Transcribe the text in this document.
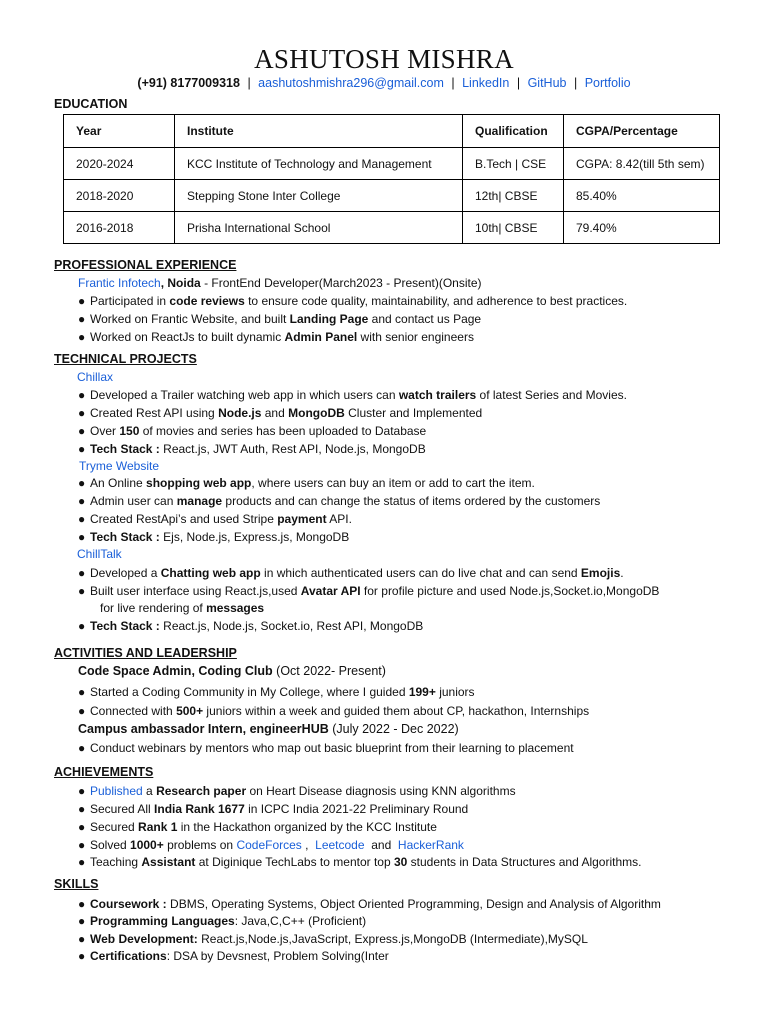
ASHUTOSH MISHRA
(+91) 8177009318 | aashutoshmishra296@gmail.com | LinkedIn | GitHub | Portfolio
EDUCATION
Year	Institute	Qualification	CGPA/Percentage
2020-2024	KCC Institute of Technology and Management	B.Tech | CSE	CGPA: 8.42(till 5th sem)
2018-2020	Stepping Stone Inter College	12th| CBSE	85.40%
2016-2018	Prisha International School	10th| CBSE	79.40%
PROFESSIONAL EXPERIENCE
Frantic Infotech, Noida - FrontEnd Developer(March2023 - Present)(Onsite)
● Participated in code reviews to ensure code quality, maintainability, and adherence to best practices.
● Worked on Frantic Website, and built Landing Page and contact us Page
● Worked on ReactJs to built dynamic Admin Panel with senior engineers
TECHNICAL PROJECTS
Chillax
● Developed a Trailer watching web app in which users can watch trailers of latest Series and Movies.
● Created Rest API using Node.js and MongoDB Cluster and Implemented
● Over 150 of movies and series has been uploaded to Database
● Tech Stack : React.js, JWT Auth, Rest API, Node.js, MongoDB
Tryme Website
● An Online shopping web app, where users can buy an item or add to cart the item.
● Admin user can manage products and can change the status of items ordered by the customers
● Created RestApi’s and used Stripe payment API.
● Tech Stack : Ejs, Node.js, Express.js, MongoDB
ChillTalk
● Developed a Chatting web app in which authenticated users can do live chat and can send Emojis.
● Built user interface using React.js,used Avatar API for profile picture and used Node.js,Socket.io,MongoDB
for live rendering of messages
● Tech Stack : React.js, Node.js, Socket.io, Rest API, MongoDB
ACTIVITIES AND LEADERSHIP
Code Space Admin, Coding Club (Oct 2022- Present)
● Started a Coding Community in My College, where I guided 199+ juniors
● Connected with 500+ juniors within a week and guided them about CP, hackathon, Internships
Campus ambassador Intern, engineerHUB (July 2022 - Dec 2022)
● Conduct webinars by mentors who map out basic blueprint from their learning to placement
ACHIEVEMENTS
● Published a Research paper on Heart Disease diagnosis using KNN algorithms
● Secured All India Rank 1677 in ICPC India 2021-22 Preliminary Round
● Secured Rank 1 in the Hackathon organized by the KCC Institute
● Solved 1000+ problems on CodeForces ,  Leetcode  and  HackerRank
● Teaching Assistant at Diginique TechLabs to mentor top 30 students in Data Structures and Algorithms.
SKILLS
● Coursework : DBMS, Operating Systems, Object Oriented Programming, Design and Analysis of Algorithm
● Programming Languages: Java,C,C++ (Proficient)
● Web Development: React.js,Node.js,JavaScript, Express.js,MongoDB (Intermediate),MySQL
● Certifications: DSA by Devsnest, Problem Solving(Inter
